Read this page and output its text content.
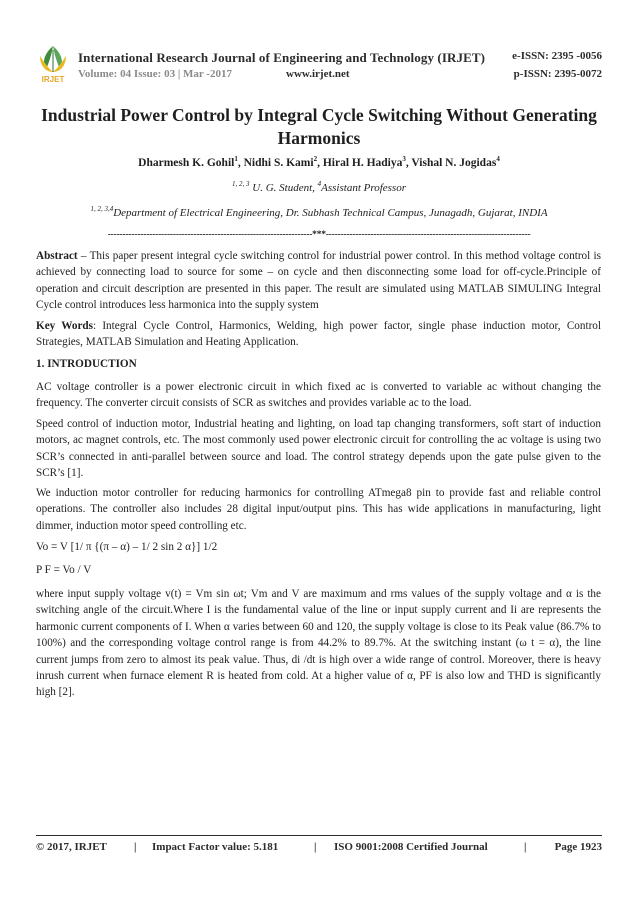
IRJET
International Research Journal of Engineering and Technology (IRJET) e-ISSN: 2395 -0056
Volume: 04 Issue: 03 | Mar -2017	www.irjet.net	p-ISSN: 2395-0072
Industrial Power Control by Integral Cycle Switching Without Generating Harmonics
Dharmesh K. Gohil$^1$, Nidhi S. Kami$^2$, Hiral H. Hadiya$^3$, Vishal N. Jogidas$^4$
$^{1, 2, 3}$ U. G. Student, $^4$Assistant Professor
$^{1, 2, 3,4}$Department of Electrical Engineering, Dr. Subhash Technical Campus, Junagadh, Gujarat, INDIA
---------------------------------------------------------------------***---------------------------------------------------------------------
Abstract – This paper present integral cycle switching control for industrial power control. In this method voltage control is achieved by connecting load to source for some – on cycle and then disconnecting some load for off-cycle.Principle of operation and circuit description are presented in this paper. The result are simulated using MATLAB SIMULING Integral Cycle control introduces less harmonica into the supply system
Key Words: Integral Cycle Control, Harmonics, Welding, high power factor, single phase induction motor, Control Strategies, MATLAB Simulation and Heating Application.
1. INTRODUCTION
AC voltage controller is a power electronic circuit in which fixed ac is converted to variable ac without changing the frequency. The converter circuit consists of SCR as switches and provides variable ac to the load.
Speed control of induction motor, Industrial heating and lighting, on load tap changing transformers, soft start of induction motors, ac magnet controls, etc. The most commonly used power electronic circuit for controlling the ac voltage is using two SCR’s connected in anti-parallel between source and load. The control strategy depends upon the gate pulse given to the SCR’s [1].
We induction motor controller for reducing harmonics for controlling ATmega8 pin to provide fast and reliable control operations. The controller also includes 28 digital input/output pins. This has wide applications in manufacturing, light dimmer, induction motor speed controlling etc.
Vo = V [1/ π {(π – α) – 1/ 2 sin 2 α}] 1/2
P F = Vo / V
where input supply voltage v(t) = Vm sin ωt; Vm and V are maximum and rms values of the supply voltage and α is the switching angle of the circuit.Where I is the fundamental value of the line or input supply current and Ii are represents the harmonic current components of I. When α varies between 60 and 120, the supply voltage is close to its Peak value (86.7% to 100%) and the corresponding voltage control range is from 44.2% to 89.7%. At the switching instant (ω t = α), the line current jumps from zero to almost its peak value. Thus, di /dt is high over a wide range of control. Moreover, there is heavy inrush current when furnace element R is heated from cold. At a higher value of α, PF is also low and THD is significantly high [2].
© 2017, IRJET | Impact Factor value: 5.181	| ISO 9001:2008 Certified Journal	|	Page 1923
